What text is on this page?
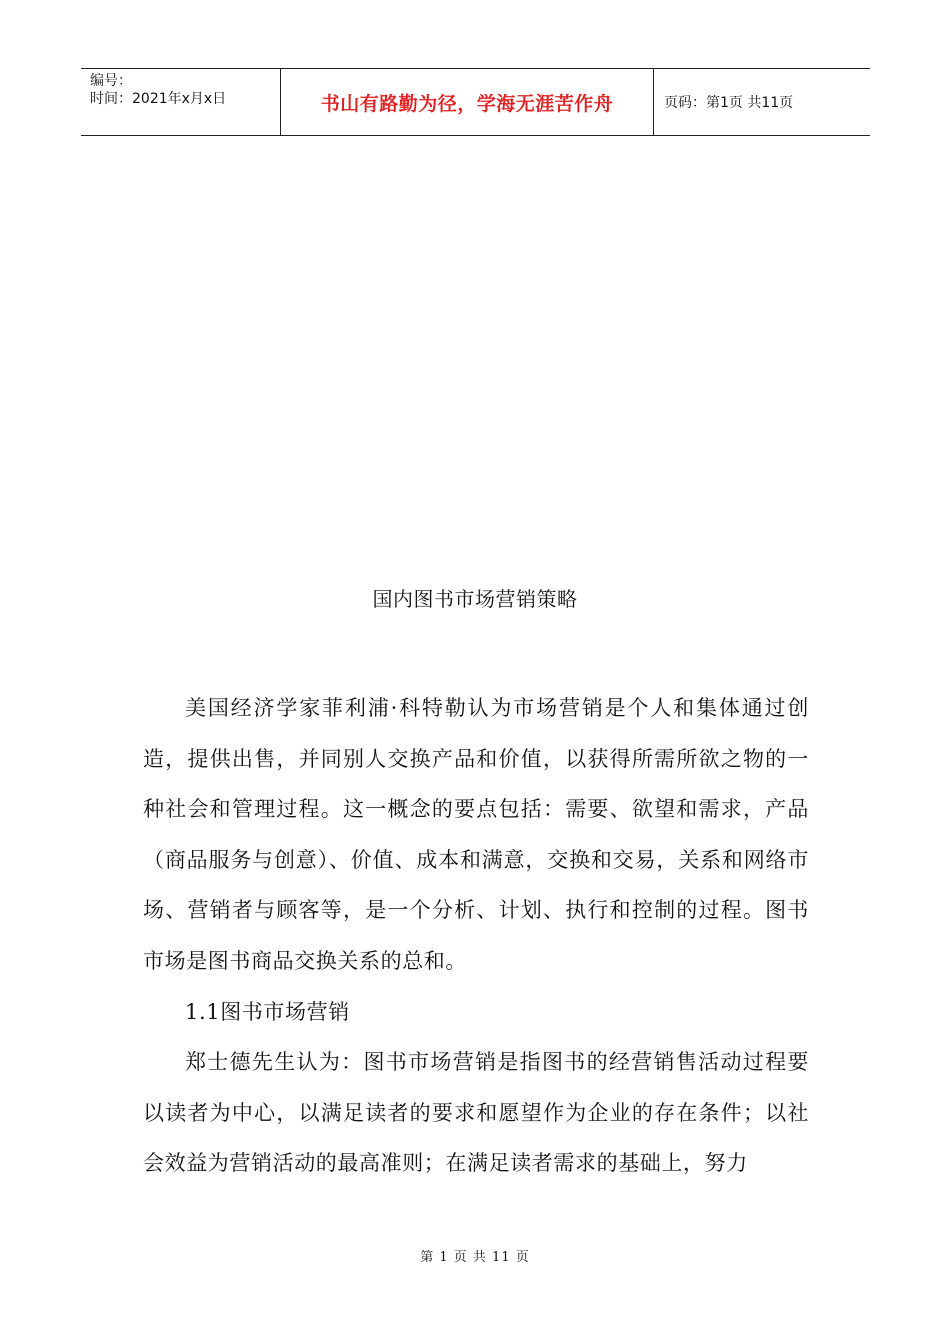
编号：
时间：2021年x月x日	书山有路勤为径，学海无涯苦作舟	页码：第1页 共11页
国内图书市场营销策略

美国经济学家菲利浦·科特勒认为市场营销是个人和集体通过创造，提供出售，并同别人交换产品和价值，以获得所需所欲之物的一种社会和管理过程。这一概念的要点包括：需要、欲望和需求，产品（商品服务与创意）、价值、成本和满意，交换和交易，关系和网络市场、营销者与顾客等，是一个分析、计划、执行和控制的过程。图书市场是图书商品交换关系的总和。

1.1图书市场营销

郑士德先生认为：图书市场营销是指图书的经营销售活动过程要以读者为中心，以满足读者的要求和愿望作为企业的存在条件；以社会效益为营销活动的最高准则；在满足读者需求的基础上，努力

第 1 页 共 11 页
